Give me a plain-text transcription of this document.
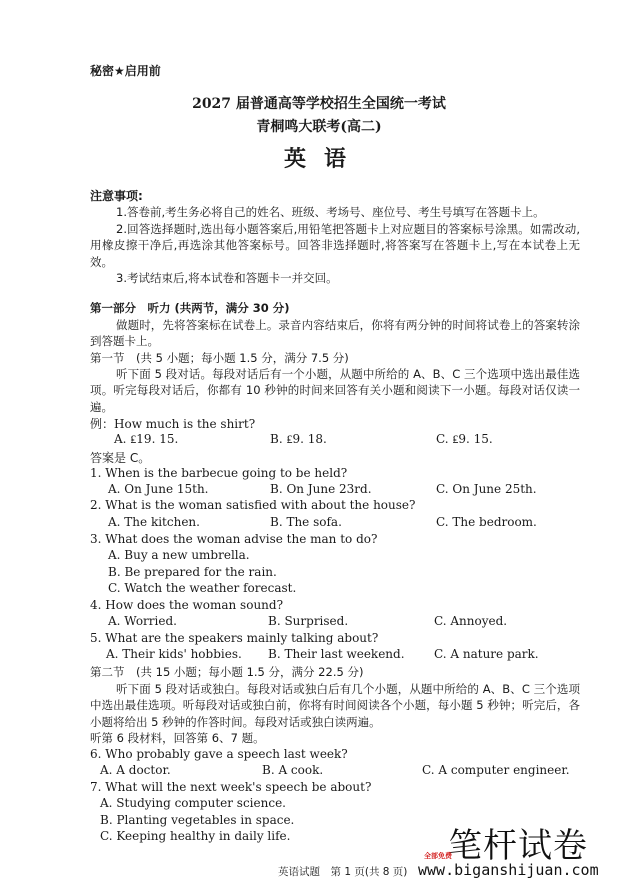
秘密★启用前
2027 届普通高等学校招生全国统一考试
青桐鸣大联考(高二)
英语
注意事项:
1.答卷前,考生务必将自己的姓名、班级、考场号、座位号、考生号填写在答题卡上。
2.回答选择题时,选出每小题答案后,用铅笔把答题卡上对应题目的答案标号涂黑。如需改动,用橡皮擦干净后,再选涂其他答案标号。回答非选择题时,将答案写在答题卡上,写在本试卷上无效。
3.考试结束后,将本试卷和答题卡一并交回。
第一部分　听力 (共两节，满分 30 分)
做题时，先将答案标在试卷上。录音内容结束后，你将有两分钟的时间将试卷上的答案转涂到答题卡上。
第一节　(共 5 小题；每小题 1.5 分，满分 7.5 分)
听下面 5 段对话。每段对话后有一个小题，从题中所给的 A、B、C 三个选项中选出最佳选项。听完每段对话后，你都有 10 秒钟的时间来回答有关小题和阅读下一小题。每段对话仅读一遍。
例：How much is the shirt?
A. ₤19. 15.	B. ₤9. 18.	C. ₤9. 15.
答案是 C。
1. When is the barbecue going to be held?
A. On June 15th.	B. On June 23rd.	C. On June 25th.
2. What is the woman satisfied with about the house?
A. The kitchen.	B. The sofa.	C. The bedroom.
3. What does the woman advise the man to do?
A. Buy a new umbrella.
B. Be prepared for the rain.
C. Watch the weather forecast.
4. How does the woman sound?
A. Worried.	B. Surprised.	C. Annoyed.
5. What are the speakers mainly talking about?
A. Their kids' hobbies. B. Their last weekend. C. A nature park.
第二节　(共 15 小题；每小题 1.5 分，满分 22.5 分)
听下面 5 段对话或独白。每段对话或独白后有几个小题，从题中所给的 A、B、C 三个选项中选出最佳选项。听每段对话或独白前，你将有时间阅读各个小题，每小题 5 秒钟；听完后，各小题将给出 5 秒钟的作答时间。每段对话或独白读两遍。
听第 6 段材料，回答第 6、7 题。
6. Who probably gave a speech last week?
A. A doctor.	B. A cook.	C. A computer engineer.
7. What will the next week's speech be about?
A. Studying computer science.
B. Planting vegetables in space.
C. Keeping healthy in daily life.
英语试题　第 1 页(共 8 页)
笔杆试卷
全部免费
www.biganshijuan.com
